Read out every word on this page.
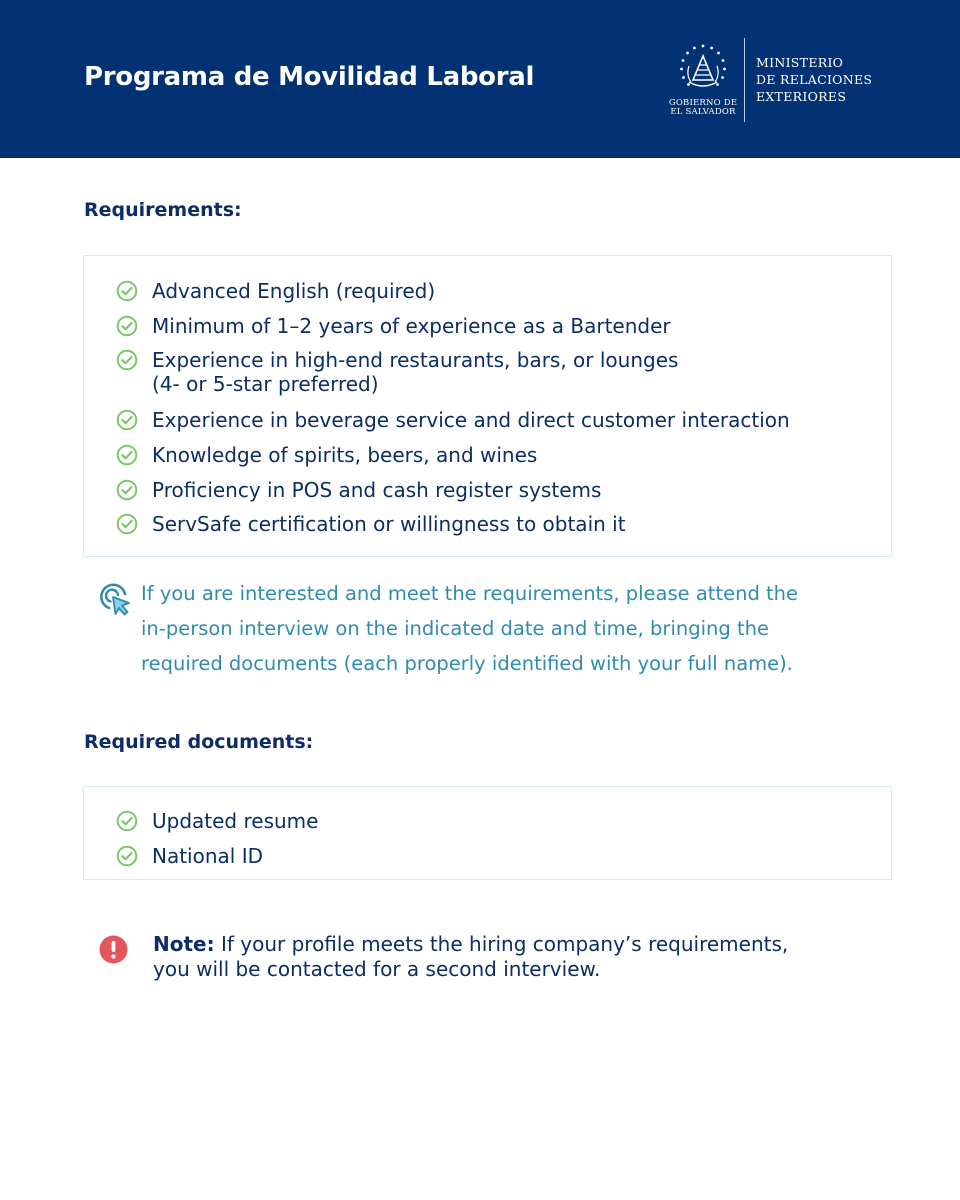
Programa de Movilidad Laboral
GOBIERNO DE
EL SALVADOR
MINISTERIO
DE RELACIONES
EXTERIORES
Requirements:
Advanced English (required)
Minimum of 1–2 years of experience as a Bartender
Experience in high-end restaurants, bars, or lounges
(4- or 5-star preferred)
Experience in beverage service and direct customer interaction
Knowledge of spirits, beers, and wines
Proficiency in POS and cash register systems
ServSafe certification or willingness to obtain it
If you are interested and meet the requirements, please attend the
in-person interview on the indicated date and time, bringing the
required documents (each properly identified with your full name).
Required documents:
Updated resume
National ID
Note: If your profile meets the hiring company’s requirements,
you will be contacted for a second interview.
